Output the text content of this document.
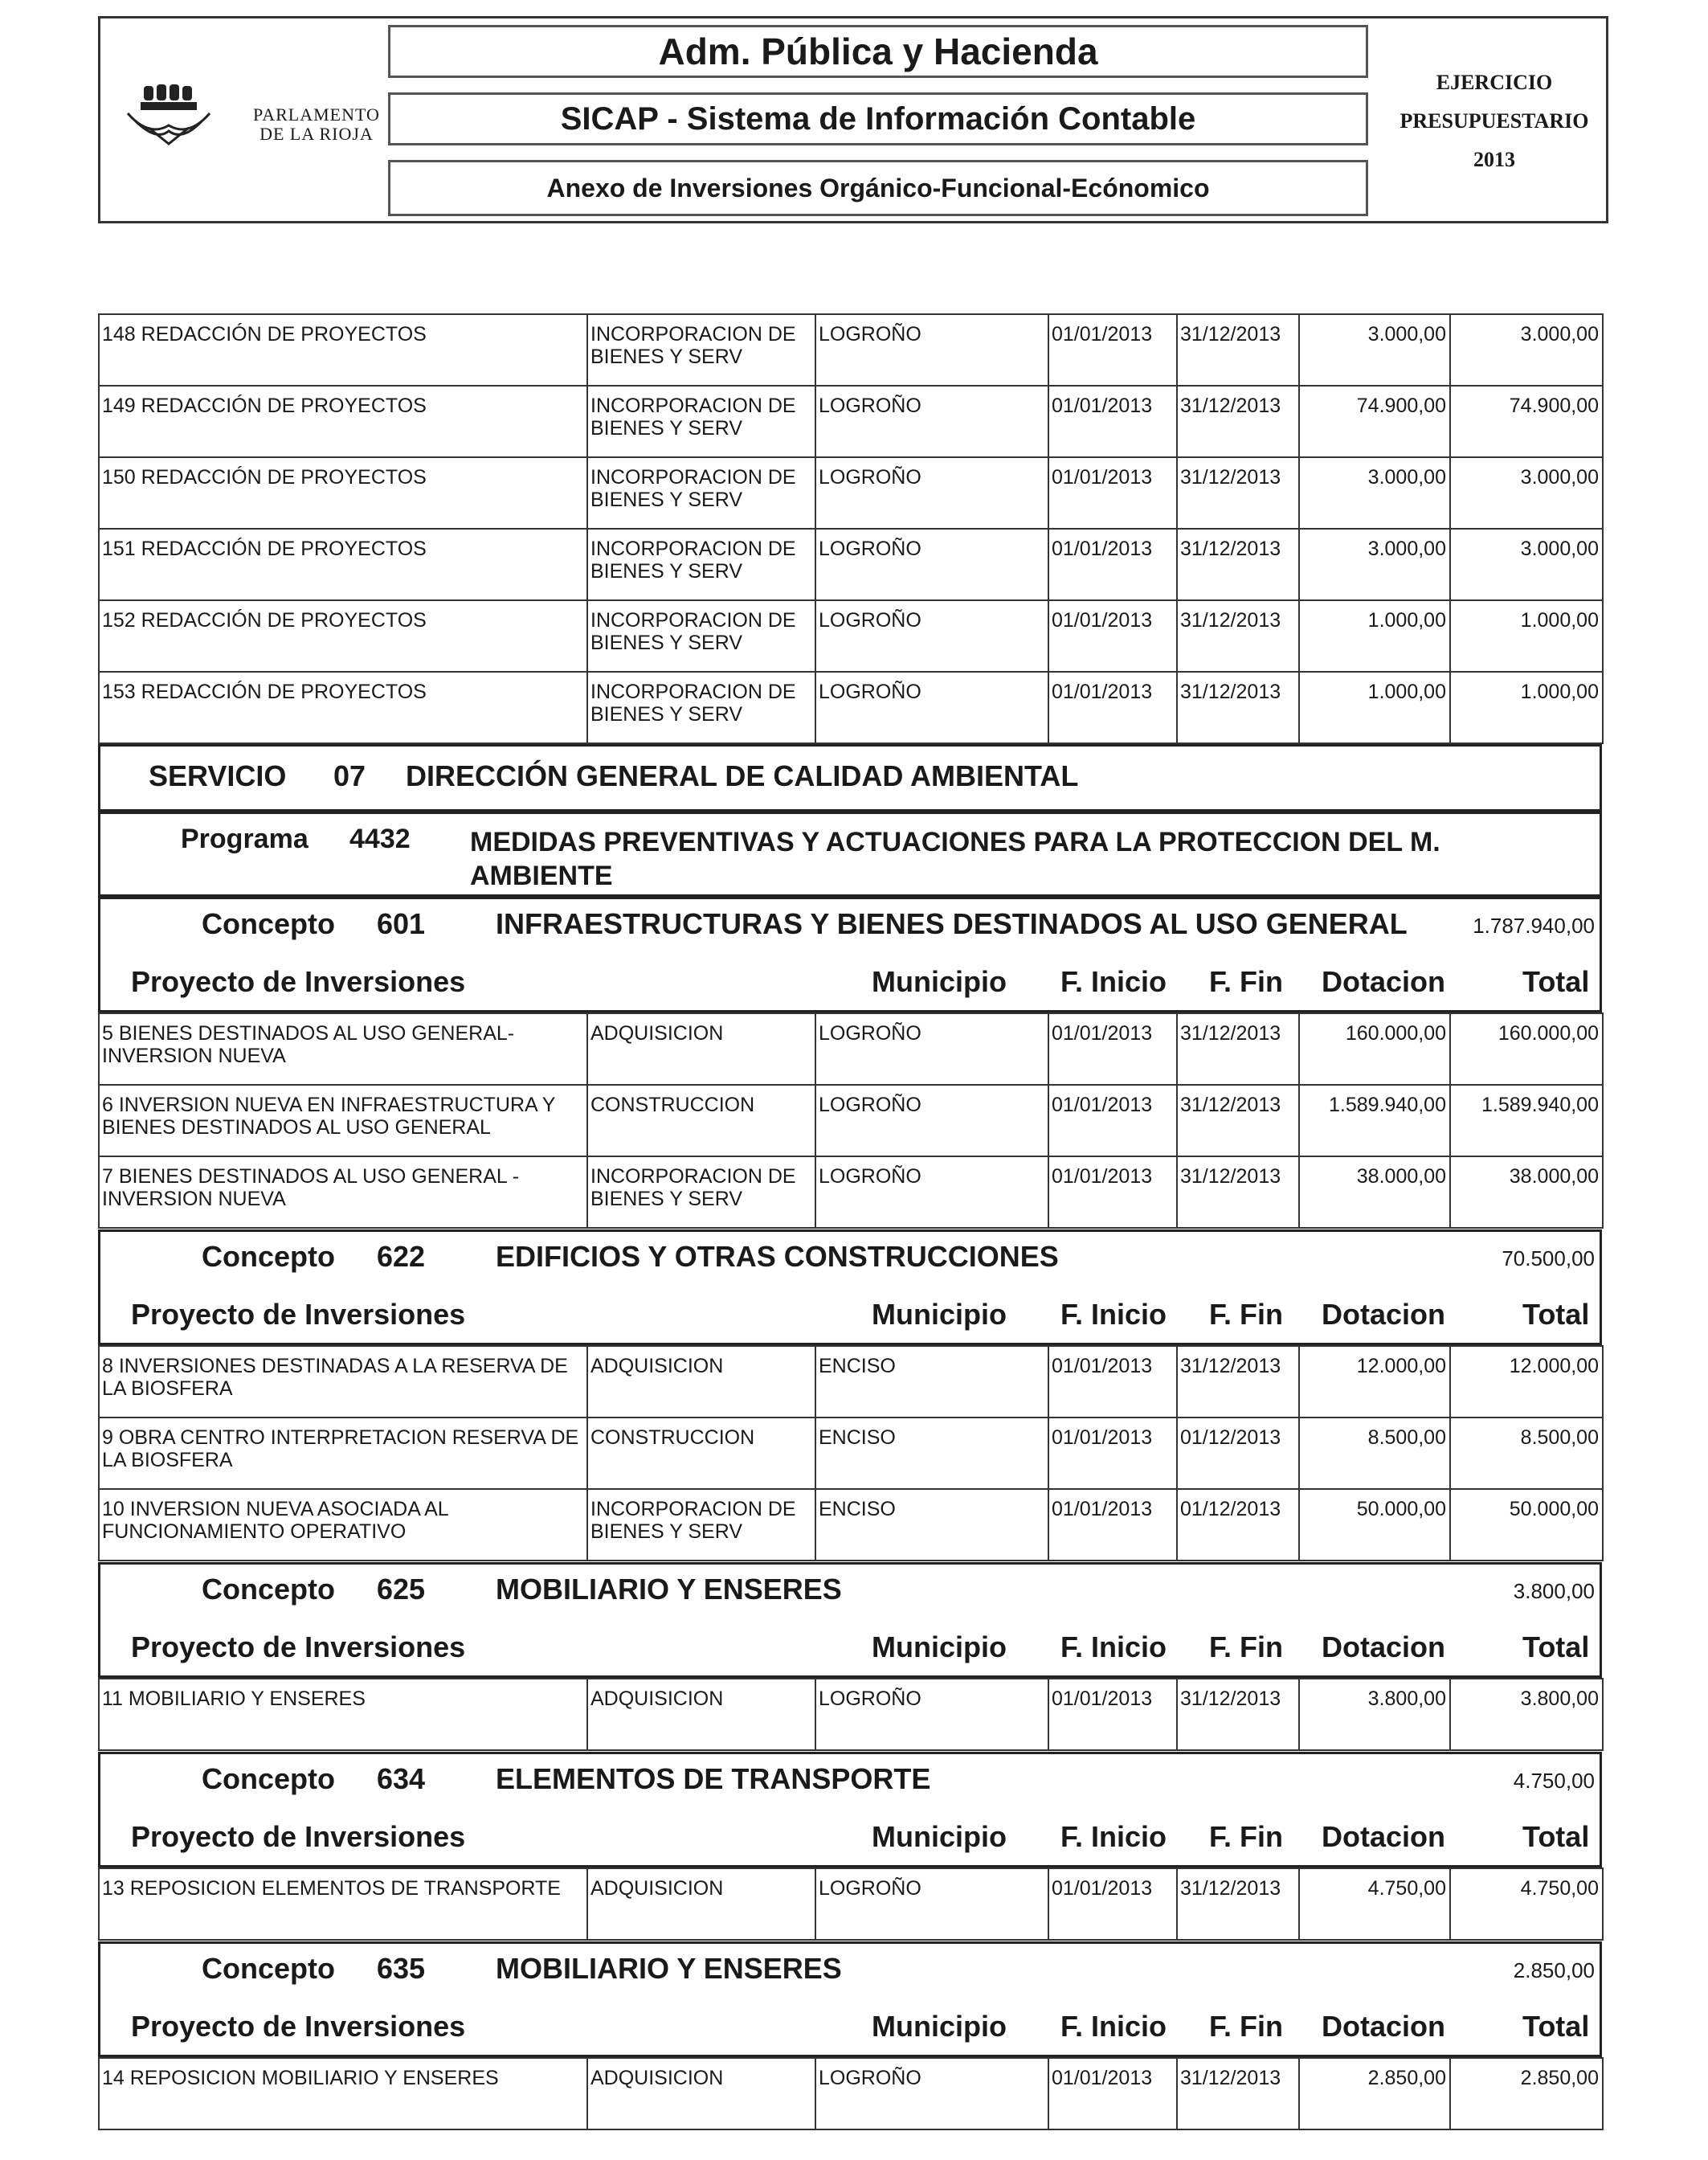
PARLAMENTO
DE LA RIOJA
Adm. Pública y Hacienda
SICAP - Sistema de Información Contable
Anexo de Inversiones Orgánico-Funcional-Ecónomico
EJERCICIO
PRESUPUESTARIO
2013
148 REDACCIÓN DE PROYECTOS	INCORPORACION DE BIENES Y SERV	LOGROÑO	01/01/2013	31/12/2013	3.000,00	3.000,00
149 REDACCIÓN DE PROYECTOS	INCORPORACION DE BIENES Y SERV	LOGROÑO	01/01/2013	31/12/2013	74.900,00	74.900,00
150 REDACCIÓN DE PROYECTOS	INCORPORACION DE BIENES Y SERV	LOGROÑO	01/01/2013	31/12/2013	3.000,00	3.000,00
151 REDACCIÓN DE PROYECTOS	INCORPORACION DE BIENES Y SERV	LOGROÑO	01/01/2013	31/12/2013	3.000,00	3.000,00
152 REDACCIÓN DE PROYECTOS	INCORPORACION DE BIENES Y SERV	LOGROÑO	01/01/2013	31/12/2013	1.000,00	1.000,00
153 REDACCIÓN DE PROYECTOS	INCORPORACION DE BIENES Y SERV	LOGROÑO	01/01/2013	31/12/2013	1.000,00	1.000,00
SERVICIO 07 DIRECCIÓN GENERAL DE CALIDAD AMBIENTAL
Programa 4432 MEDIDAS PREVENTIVAS Y ACTUACIONES PARA LA PROTECCION DEL M. AMBIENTE
Concepto 601 INFRAESTRUCTURAS Y BIENES DESTINADOS AL USO GENERAL	1.787.940,00
Proyecto de Inversiones	Municipio F. Inicio F. Fin Dotacion	Total
5 BIENES DESTINADOS AL USO GENERAL-INVERSION NUEVA	ADQUISICION	LOGROÑO	01/01/2013	31/12/2013	160.000,00	160.000,00
6 INVERSION NUEVA EN INFRAESTRUCTURA Y BIENES DESTINADOS AL USO GENERAL	CONSTRUCCION	LOGROÑO	01/01/2013	31/12/2013	1.589.940,00	1.589.940,00
7 BIENES DESTINADOS AL USO GENERAL -INVERSION NUEVA	INCORPORACION DE BIENES Y SERV	LOGROÑO	01/01/2013	31/12/2013	38.000,00	38.000,00
Concepto 622 EDIFICIOS Y OTRAS CONSTRUCCIONES	70.500,00
Proyecto de Inversiones	Municipio F. Inicio F. Fin Dotacion	Total
8 INVERSIONES DESTINADAS A LA RESERVA DE LA BIOSFERA	ADQUISICION	ENCISO	01/01/2013	31/12/2013	12.000,00	12.000,00
9 OBRA CENTRO INTERPRETACION RESERVA DE LA BIOSFERA	CONSTRUCCION	ENCISO	01/01/2013	01/12/2013	8.500,00	8.500,00
10 INVERSION NUEVA ASOCIADA AL FUNCIONAMIENTO OPERATIVO	INCORPORACION DE BIENES Y SERV	ENCISO	01/01/2013	01/12/2013	50.000,00	50.000,00
Concepto 625 MOBILIARIO Y ENSERES	3.800,00
Proyecto de Inversiones	Municipio F. Inicio F. Fin Dotacion	Total
11 MOBILIARIO Y ENSERES	ADQUISICION	LOGROÑO	01/01/2013	31/12/2013	3.800,00	3.800,00
Concepto 634 ELEMENTOS DE TRANSPORTE	4.750,00
Proyecto de Inversiones	Municipio F. Inicio F. Fin Dotacion	Total
13 REPOSICION ELEMENTOS DE TRANSPORTE	ADQUISICION	LOGROÑO	01/01/2013	31/12/2013	4.750,00	4.750,00
Concepto 635 MOBILIARIO Y ENSERES	2.850,00
Proyecto de Inversiones	Municipio F. Inicio F. Fin Dotacion	Total
14 REPOSICION MOBILIARIO Y ENSERES	ADQUISICION	LOGROÑO	01/01/2013	31/12/2013	2.850,00	2.850,00
